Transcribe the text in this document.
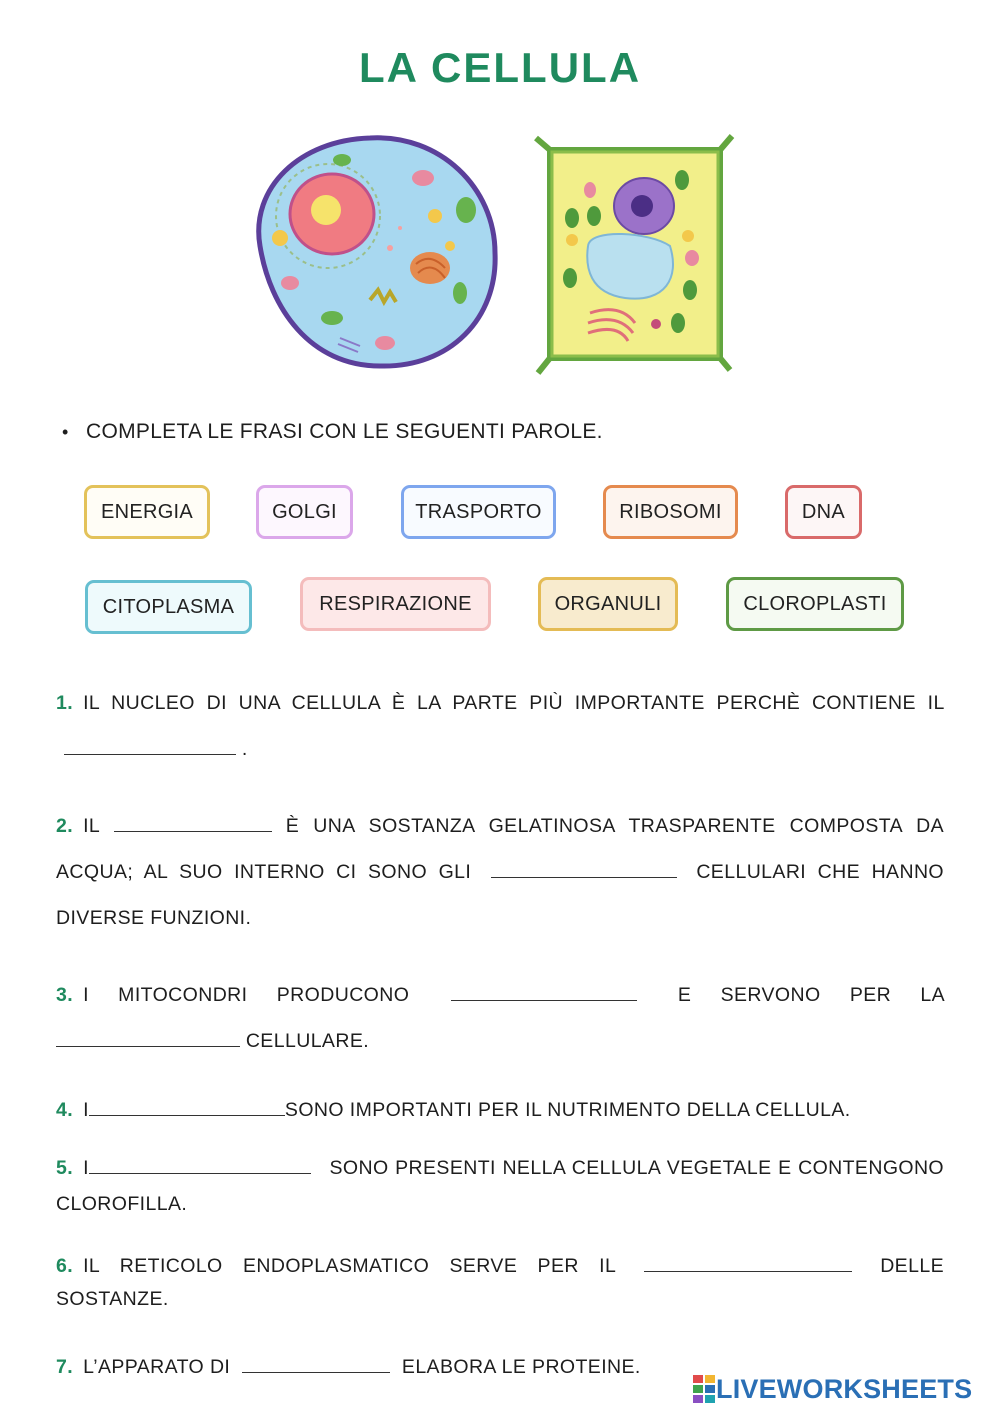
LA CELLULA
• COMPLETA LE FRASI CON LE SEGUENTI PAROLE.
ENERGIA	GOLGI	TRASPORTO	RIBOSOMI	DNA
CITOPLASMA	RESPIRAZIONE	ORGANULI	CLOROPLASTI
1. IL NUCLEO DI UNA CELLULA È LA PARTE PIÙ IMPORTANTE PERCHÈ CONTIENE IL  .
2. IL	È UNA SOSTANZA GELATINOSA TRASPARENTE COMPOSTA DA ACQUA; AL SUO INTERNO CI SONO GLI	CELLULARI CHE HANNO DIVERSE FUNZIONI.
3. I MITOCONDRI PRODUCONO	E SERVONO PER LA  CELLULARE.
4. I	SONO IMPORTANTI PER IL NUTRIMENTO DELLA CELLULA.
5. I	SONO PRESENTI NELLA CELLULA VEGETALE E CONTENGONO CLOROFILLA.
6. IL RETICOLO ENDOPLASMATICO SERVE PER IL	DELLE SOSTANZE.
7. L’APPARATO DI	ELABORA LE PROTEINE.
LIVEWORKSHEETS
